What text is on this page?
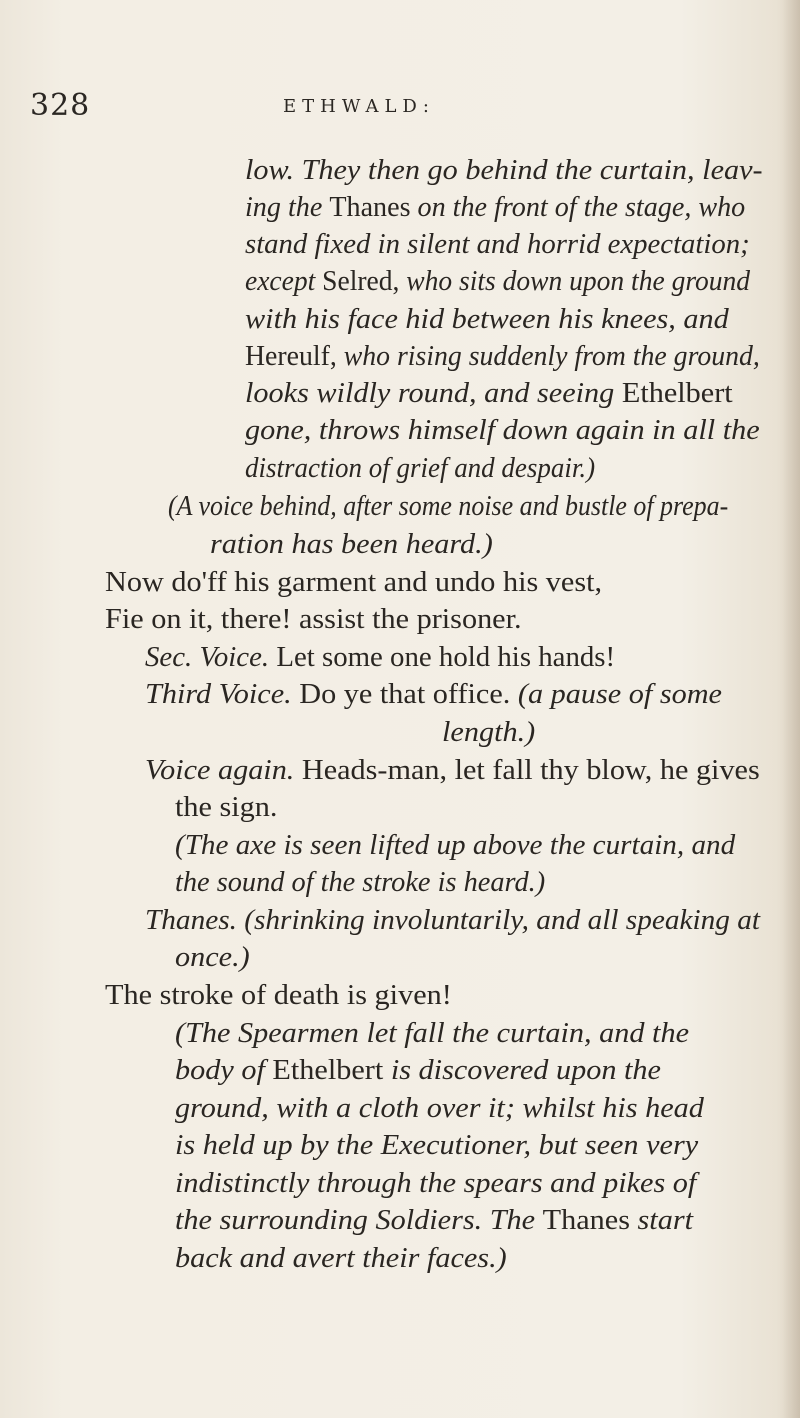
328	ETHWALD:
low. They then go behind the curtain, leav-
ing the Thanes on the front of the stage, who
stand fixed in silent and horrid expectation;
except Selred, who sits down upon the ground
with his face hid between his knees, and
Hereulf, who rising suddenly from the ground,
looks wildly round, and seeing Ethelbert
gone, throws himself down again in all the
distraction of grief and despair.)
(A voice behind, after some noise and bustle of prepa-
ration has been heard.)
Now do'ff his garment and undo his vest,
Fie on it, there! assist the prisoner.
Sec. Voice. Let some one hold his hands!
Third Voice. Do ye that office. (a pause of some
length.)
Voice again. Heads-man, let fall thy blow, he gives
the sign.
(The axe is seen lifted up above the curtain, and
the sound of the stroke is heard.)
Thanes. (shrinking involuntarily, and all speaking at
once.)
The stroke of death is given!
(The Spearmen let fall the curtain, and the
body of Ethelbert is discovered upon the
ground, with a cloth over it; whilst his head
is held up by the Executioner, but seen very
indistinctly through the spears and pikes of
the surrounding Soldiers. The Thanes start
back and avert their faces.)
